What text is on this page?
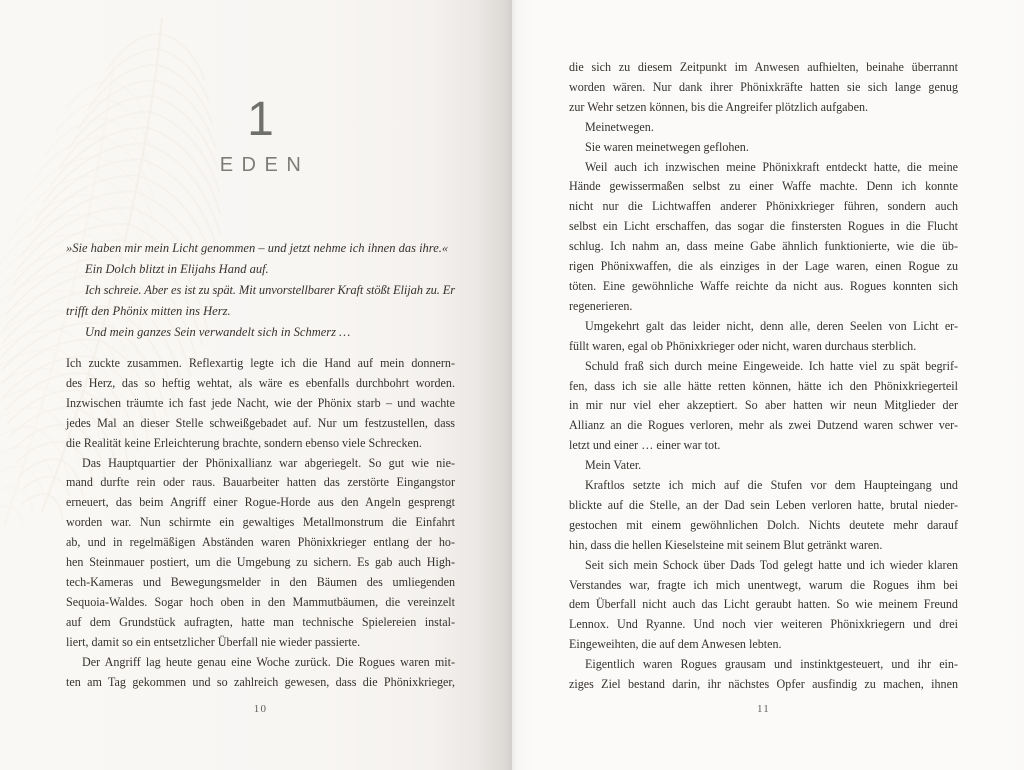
1
EDEN
»Sie haben mir mein Licht genommen – und jetzt nehme ich ihnen das ihre.«
Ein Dolch blitzt in Elijahs Hand auf.
Ich schreie. Aber es ist zu spät. Mit unvorstellbarer Kraft stößt Elijah zu. Er
trifft den Phönix mitten ins Herz.
Und mein ganzes Sein verwandelt sich in Schmerz …
Ich zuckte zusammen. Reflexartig legte ich die Hand auf mein donnern-
des Herz, das so heftig wehtat, als wäre es ebenfalls durchbohrt worden.
Inzwischen träumte ich fast jede Nacht, wie der Phönix starb – und wachte
jedes Mal an dieser Stelle schweißgebadet auf. Nur um festzustellen, dass
die Realität keine Erleichterung brachte, sondern ebenso viele Schrecken.
Das Hauptquartier der Phönixallianz war abgeriegelt. So gut wie nie-
mand durfte rein oder raus. Bauarbeiter hatten das zerstörte Eingangstor
erneuert, das beim Angriff einer Rogue-Horde aus den Angeln gesprengt
worden war. Nun schirmte ein gewaltiges Metallmonstrum die Einfahrt
ab, und in regelmäßigen Abständen waren Phönixkrieger entlang der ho-
hen Steinmauer postiert, um die Umgebung zu sichern. Es gab auch High-
tech-Kameras und Bewegungsmelder in den Bäumen des umliegenden
Sequoia-Waldes. Sogar hoch oben in den Mammutbäumen, die vereinzelt
auf dem Grundstück aufragten, hatte man technische Spielereien instal-
liert, damit so ein entsetzlicher Überfall nie wieder passierte.
Der Angriff lag heute genau eine Woche zurück. Die Rogues waren mit-
ten am Tag gekommen und so zahlreich gewesen, dass die Phönixkrieger,
10
die sich zu diesem Zeitpunkt im Anwesen aufhielten, beinahe überrannt
worden wären. Nur dank ihrer Phönixkräfte hatten sie sich lange genug
zur Wehr setzen können, bis die Angreifer plötzlich aufgaben.
Meinetwegen.
Sie waren meinetwegen geflohen.
Weil auch ich inzwischen meine Phönixkraft entdeckt hatte, die meine
Hände gewissermaßen selbst zu einer Waffe machte. Denn ich konnte
nicht nur die Lichtwaffen anderer Phönixkrieger führen, sondern auch
selbst ein Licht erschaffen, das sogar die finstersten Rogues in die Flucht
schlug. Ich nahm an, dass meine Gabe ähnlich funktionierte, wie die üb-
rigen Phönixwaffen, die als einziges in der Lage waren, einen Rogue zu
töten. Eine gewöhnliche Waffe reichte da nicht aus. Rogues konnten sich
regenerieren.
Umgekehrt galt das leider nicht, denn alle, deren Seelen von Licht er-
füllt waren, egal ob Phönixkrieger oder nicht, waren durchaus sterblich.
Schuld fraß sich durch meine Eingeweide. Ich hatte viel zu spät begrif-
fen, dass ich sie alle hätte retten können, hätte ich den Phönixkriegerteil
in mir nur viel eher akzeptiert. So aber hatten wir neun Mitglieder der
Allianz an die Rogues verloren, mehr als zwei Dutzend waren schwer ver-
letzt und einer … einer war tot.
Mein Vater.
Kraftlos setzte ich mich auf die Stufen vor dem Haupteingang und
blickte auf die Stelle, an der Dad sein Leben verloren hatte, brutal nieder-
gestochen mit einem gewöhnlichen Dolch. Nichts deutete mehr darauf
hin, dass die hellen Kieselsteine mit seinem Blut getränkt waren.
Seit sich mein Schock über Dads Tod gelegt hatte und ich wieder klaren
Verstandes war, fragte ich mich unentwegt, warum die Rogues ihm bei
dem Überfall nicht auch das Licht geraubt hatten. So wie meinem Freund
Lennox. Und Ryanne. Und noch vier weiteren Phönixkriegern und drei
Eingeweihten, die auf dem Anwesen lebten.
Eigentlich waren Rogues grausam und instinktgesteuert, und ihr ein-
ziges Ziel bestand darin, ihr nächstes Opfer ausfindig zu machen, ihnen
11
